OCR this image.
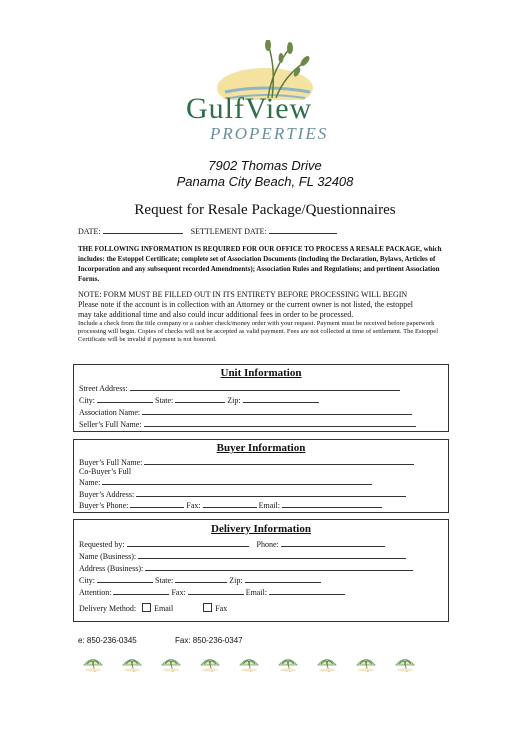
GulfView
PROPERTIES
7902 Thomas Drive
Panama City Beach, FL 32408
Request for Resale Package/Questionnaires
DATE:	SETTLEMENT DATE:
THE FOLLOWING INFORMATION IS REQUIRED FOR OUR OFFICE TO PROCESS A RESALE PACKAGE, which includes: the Estoppel Certificate; complete set of Association Documents (including the Declaration, Bylaws, Articles of Incorporation and any subsequent recorded Amendments); Association Rules and Regulations; and pertinent Association Forms.
NOTE: FORM MUST BE FILLED OUT IN ITS ENTIRETY BEFORE PROCESSING WILL BEGIN
Please note if the account is in collection with an Attorney or the current owner is not listed, the estoppel
may take additional time and also could incur additional fees in order to be processed.
Include a check from the title company or a cashier check/money order with your request. Payment must be received before paperwork processing will begin. Copies of checks will not be accepted as valid payment. Fees are not collected at time of settlement. The Estoppel Certificate will be invalid if payment is not honored.
Unit Information
Street Address:
City:	State:	Zip:
Association Name:
Seller’s Full Name:
Buyer Information
Buyer’s Full Name:
Co-Buyer’s Full
Name:
Buyer’s Address:
Buyer’s Phone:	Fax:	Email:
Delivery Information
Requested by:	Phone:
Name (Business):
Address (Business):
City:	State:	Zip:
Attention:	Fax:	Email:
Delivery Method: Email	Fax
e: 850-236-0345	Fax: 850-236-0347
